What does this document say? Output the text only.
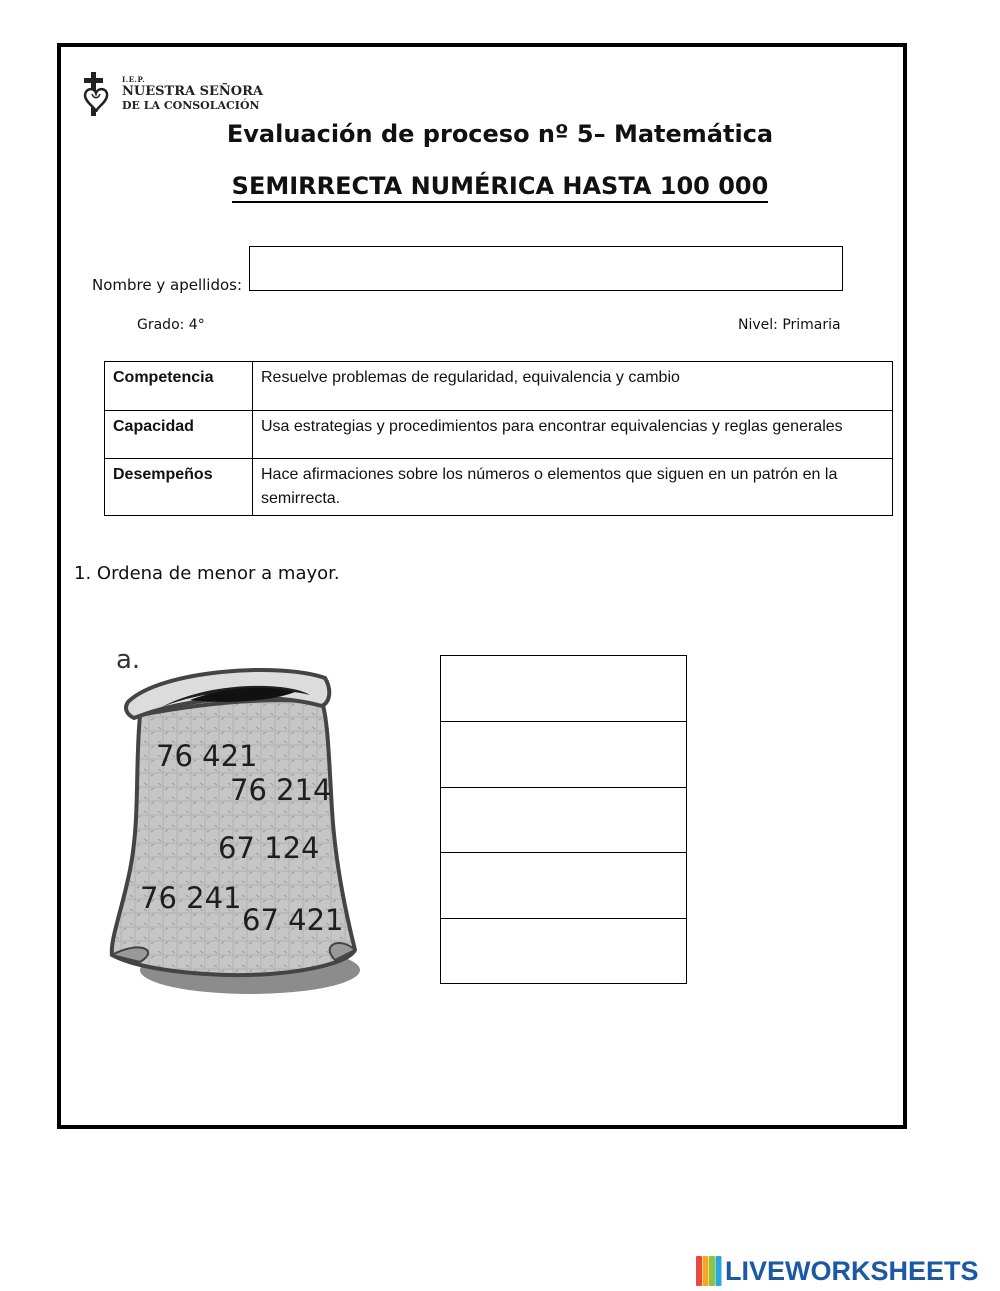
I.E.P.
NUESTRA SEÑORA
DE LA CONSOLACIÓN
Evaluación de proceso nº 5– Matemática
SEMIRRECTA NUMÉRICA HASTA 100 000
Nombre y apellidos:
Grado: 4°	Nivel: Primaria
Competencia	Resuelve problemas de regularidad, equivalencia y cambio
Capacidad	Usa estrategias y procedimientos para encontrar equivalencias y reglas generales
Desempeños	Hace afirmaciones sobre los números o elementos que siguen en un patrón en la semirrecta.
1. Ordena de menor a mayor.
a.
76 421
76 214
67 124
76 241
67 421
LIVEWORKSHEETS
